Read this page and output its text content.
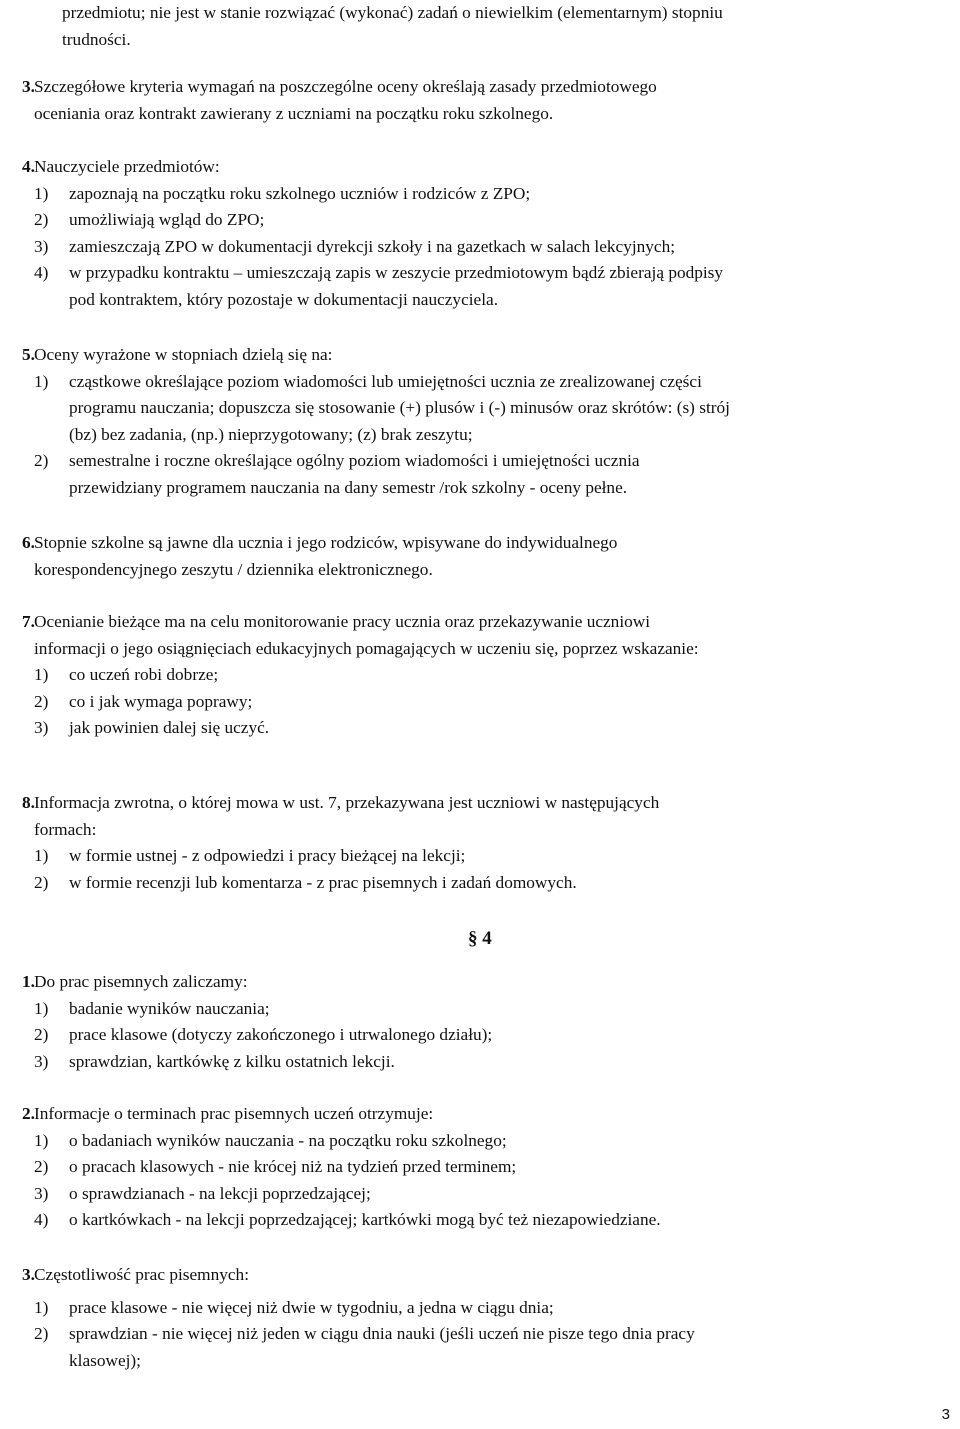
przedmiotu; nie jest w stanie rozwiązać (wykonać) zadań o niewielkim (elementarnym) stopniu
trudności.
3. Szczegółowe kryteria wymagań na poszczególne oceny określają zasady przedmiotowego
oceniania oraz kontrakt zawierany z uczniami na początku roku szkolnego.
4. Nauczyciele przedmiotów:
1) zapoznają na początku roku szkolnego uczniów i rodziców z ZPO;
2) umożliwiają wgląd do ZPO;
3) zamieszczają ZPO w dokumentacji dyrekcji szkoły i na gazetkach w salach lekcyjnych;
4) w przypadku kontraktu – umieszczają zapis w zeszycie przedmiotowym bądź zbierają podpisy
pod kontraktem, który pozostaje w dokumentacji nauczyciela.
5. Oceny wyrażone w stopniach dzielą się na:
1) cząstkowe określające poziom wiadomości lub umiejętności ucznia ze zrealizowanej części
programu nauczania; dopuszcza się stosowanie (+) plusów i (-) minusów oraz skrótów: (s) strój
(bz) bez zadania, (np.) nieprzygotowany; (z) brak zeszytu;
2) semestralne i roczne określające ogólny poziom wiadomości i umiejętności ucznia
przewidziany programem nauczania na dany semestr /rok szkolny - oceny pełne.
6. Stopnie szkolne są jawne dla ucznia i jego rodziców, wpisywane do indywidualnego
korespondencyjnego zeszytu / dziennika elektronicznego.
7. Ocenianie bieżące ma na celu monitorowanie pracy ucznia oraz przekazywanie uczniowi
informacji o jego osiągnięciach edukacyjnych pomagających w uczeniu się, poprzez wskazanie:
1) co uczeń robi dobrze;
2) co i jak wymaga poprawy;
3) jak powinien dalej się uczyć.
8. Informacja zwrotna, o której mowa w ust. 7, przekazywana jest uczniowi w następujących
formach:
1) w formie ustnej - z odpowiedzi i pracy bieżącej na lekcji;
2) w formie recenzji lub komentarza - z prac pisemnych i zadań domowych.
§ 4
1. Do prac pisemnych zaliczamy:
1) badanie wyników nauczania;
2) prace klasowe (dotyczy zakończonego i utrwalonego działu);
3) sprawdzian, kartkówkę z kilku ostatnich lekcji.
2. Informacje o terminach prac pisemnych uczeń otrzymuje:
1) o badaniach wyników nauczania - na początku roku szkolnego;
2) o pracach klasowych - nie krócej niż na tydzień przed terminem;
3) o sprawdzianach - na lekcji poprzedzającej;
4) o kartkówkach - na lekcji poprzedzającej; kartkówki mogą być też niezapowiedziane.
3. Częstotliwość prac pisemnych:
1) prace klasowe - nie więcej niż dwie w tygodniu, a jedna w ciągu dnia;
2) sprawdzian - nie więcej niż jeden w ciągu dnia nauki (jeśli uczeń nie pisze tego dnia pracy
klasowej);
3
